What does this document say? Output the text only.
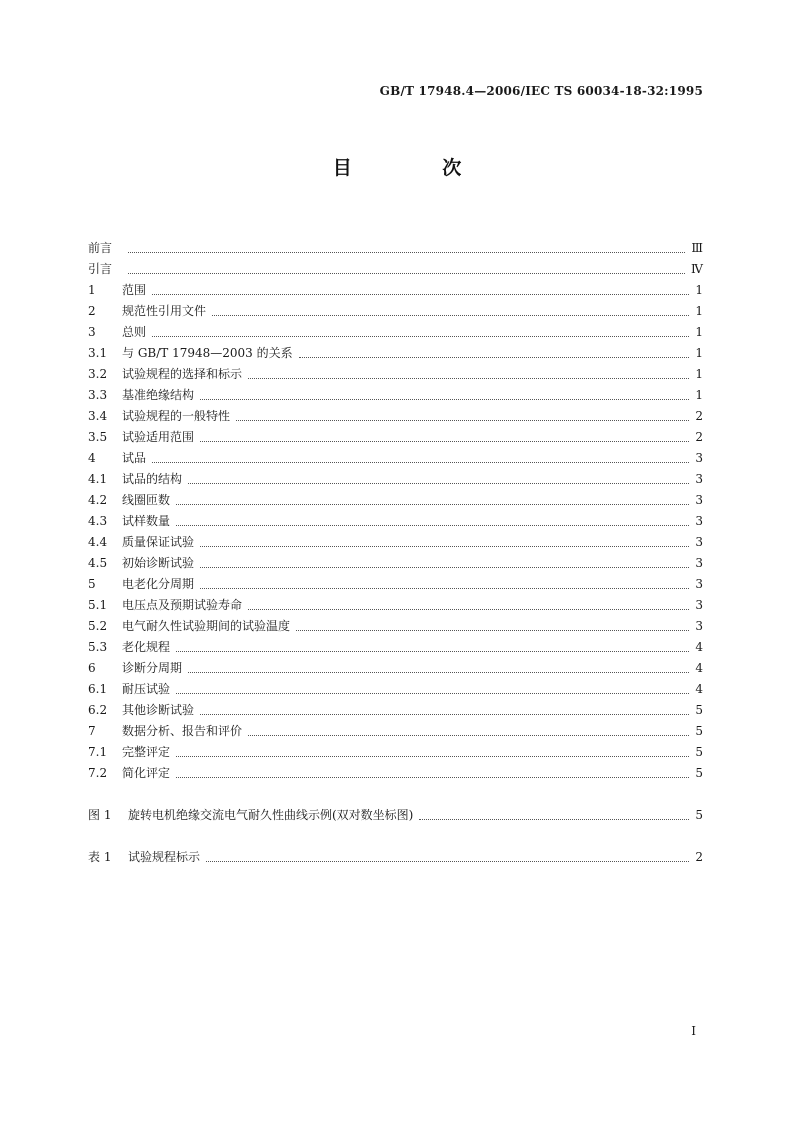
GB/T 17948.4—2006/IEC TS 60034-18-32:1995
目 次
前言	Ⅲ
引言	Ⅳ
1	范围	1
2	规范性引用文件	1
3	总则	1
3.1	与 GB/T 17948—2003 的关系	1
3.2	试验规程的选择和标示	1
3.3	基准绝缘结构	1
3.4	试验规程的一般特性	2
3.5	试验适用范围	2
4	试品	3
4.1	试品的结构	3
4.2	线圈匝数	3
4.3	试样数量	3
4.4	质量保证试验	3
4.5	初始诊断试验	3
5	电老化分周期	3
5.1	电压点及预期试验寿命	3
5.2	电气耐久性试验期间的试验温度	3
5.3	老化规程	4
6	诊断分周期	4
6.1	耐压试验	4
6.2	其他诊断试验	5
7	数据分析、报告和评价	5
7.1	完整评定	5
7.2	简化评定	5
图 1	旋转电机绝缘交流电气耐久性曲线示例(双对数坐标图)	5
表 1	试验规程标示	2
Ⅰ
